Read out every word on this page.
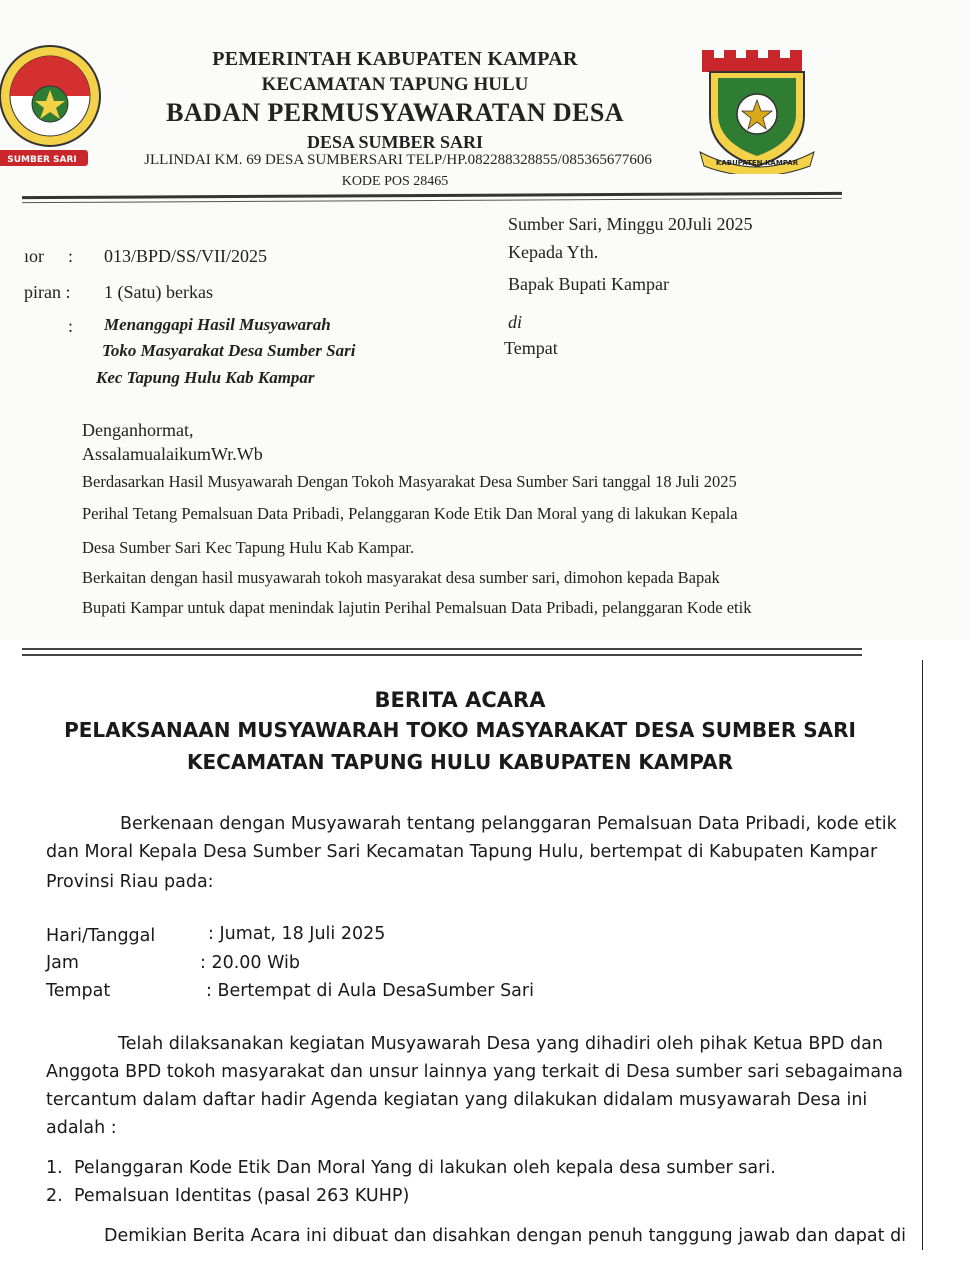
SUMBER SARI	KABUPATEN KAMPAR
PEMERINTAH KABUPATEN KAMPAR
KECAMATAN TAPUNG HULU
BADAN PERMUSYAWARATAN DESA
DESA SUMBER SARI
JLLINDAI KM. 69 DESA SUMBERSARI TELP/HP.082288328855/085365677606
KODE POS 28465
ıor : 013/BPD/SS/VII/2025
piran : 1 (Satu) berkas
: Menanggapi Hasil Musyawarah
Toko Masyarakat Desa Sumber Sari
Kec Tapung Hulu Kab Kampar
Sumber Sari, Minggu 20Juli 2025
Kepada Yth.
Bapak Bupati Kampar
di
Tempat
Denganhormat,
AssalamualaikumWr.Wb
Berdasarkan Hasil Musyawarah Dengan Tokoh Masyarakat Desa Sumber Sari tanggal 18 Juli 2025
Perihal Tetang Pemalsuan Data Pribadi, Pelanggaran Kode Etik Dan Moral yang di lakukan Kepala
Desa Sumber Sari Kec Tapung Hulu Kab Kampar.
Berkaitan dengan hasil musyawarah tokoh masyarakat desa sumber sari, dimohon kepada Bapak
Bupati Kampar untuk dapat menindak lajutin Perihal Pemalsuan Data Pribadi, pelanggaran Kode etik
BERITA ACARA
PELAKSANAAN MUSYAWARAH TOKO MASYARAKAT DESA SUMBER SARI
KECAMATAN TAPUNG HULU KABUPATEN KAMPAR
Berkenaan dengan Musyawarah tentang pelanggaran Pemalsuan Data Pribadi, kode etik
dan Moral Kepala Desa Sumber Sari Kecamatan Tapung Hulu, bertempat di Kabupaten Kampar
Provinsi Riau pada:
Hari/Tanggal	: Jumat, 18 Juli 2025
Jam	: 20.00 Wib
Tempat	: Bertempat di Aula DesaSumber Sari
Telah dilaksanakan kegiatan Musyawarah Desa yang dihadiri oleh pihak Ketua BPD dan
Anggota BPD tokoh masyarakat dan unsur lainnya yang terkait di Desa sumber sari sebagaimana
tercantum dalam daftar hadir Agenda kegiatan yang dilakukan didalam musyawarah Desa ini
adalah :
1. Pelanggaran Kode Etik Dan Moral Yang di lakukan oleh kepala desa sumber sari.
2. Pemalsuan Identitas (pasal 263 KUHP)
Demikian Berita Acara ini dibuat dan disahkan dengan penuh tanggung jawab dan dapat di
